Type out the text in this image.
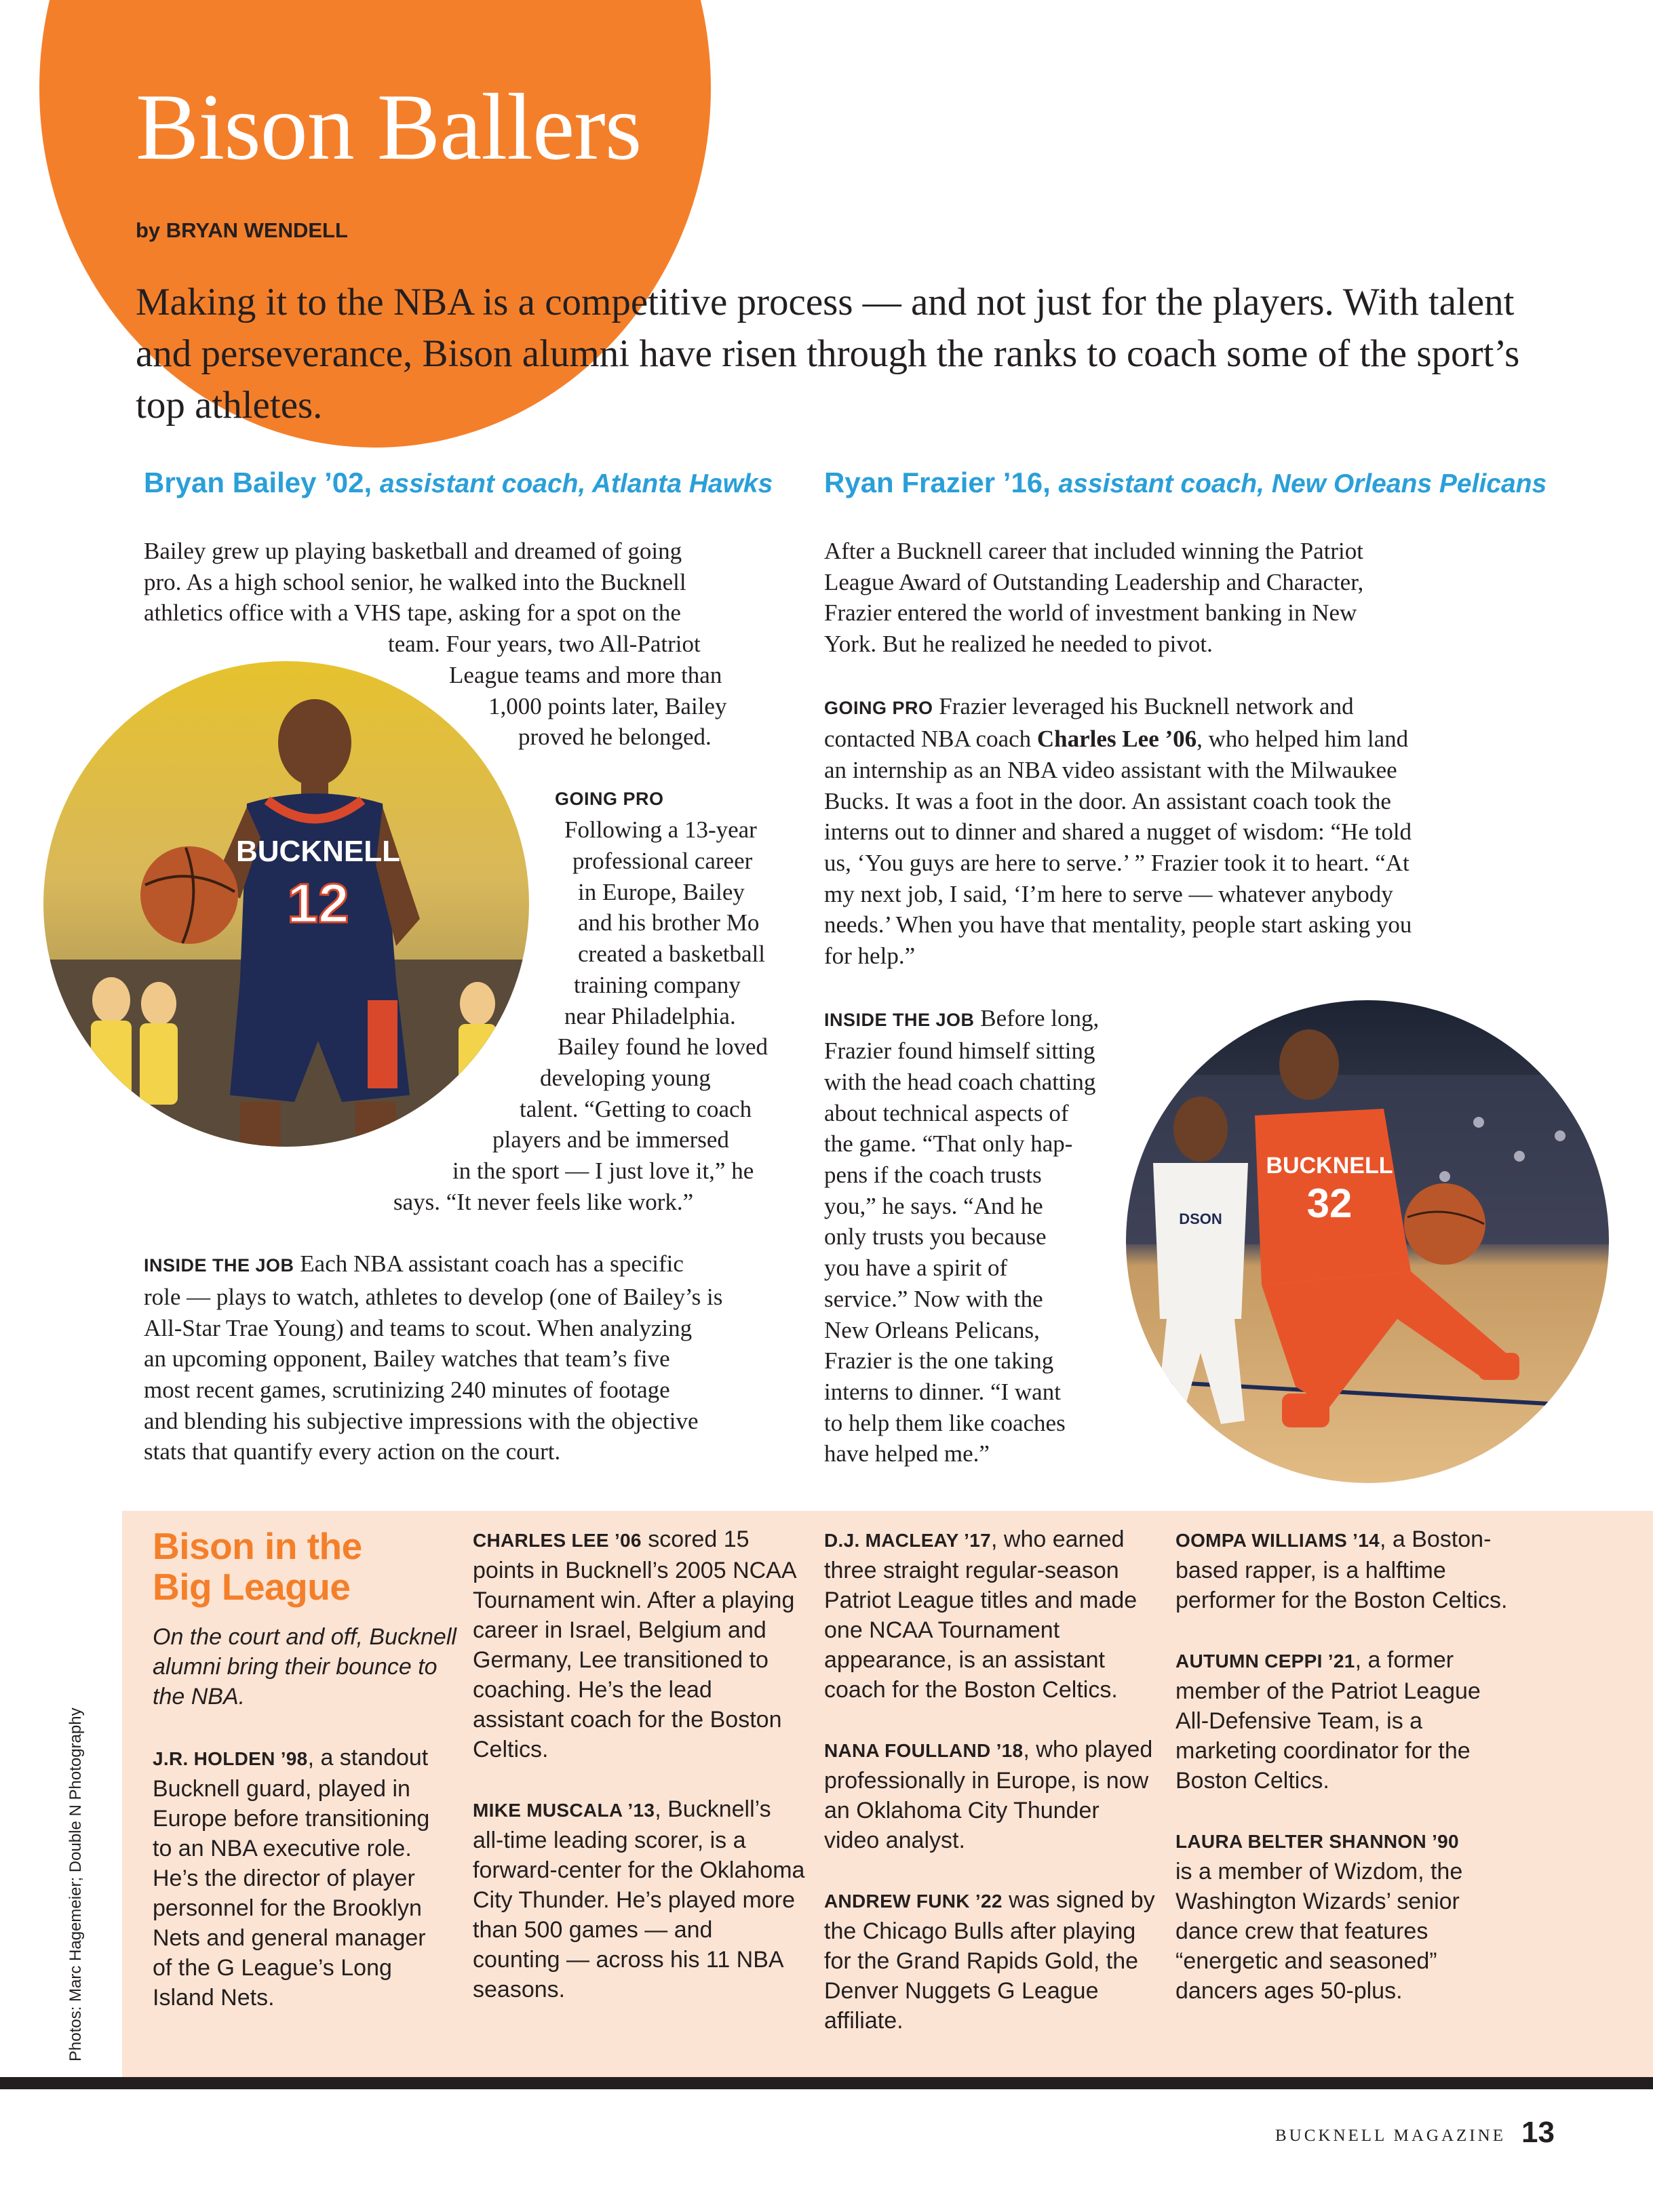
Bison Ballers
by BRYAN WENDELL
Making it to the NBA is a competitive process — and not just for the players. With talent and perseverance, Bison alumni have risen through the ranks to coach some of the sport’s top athletes.
Bryan Bailey ’02, assistant coach, Atlanta Hawks Ryan Frazier ’16, assistant coach, New Orleans Pelicans

Bailey grew up playing basketball and dreamed of going

pro. As a high school senior, he walked into the Bucknell

athletics office with a VHS tape, asking for a spot on the

team. Four years, two All-Patriot

League teams and more than

1,000 points later, Bailey

proved he belonged.

GOING PRO

Following a 13-year

professional career

in Europe, Bailey

and his brother Mo

created a basketball

training company

near Philadelphia.

Bailey found he loved

developing young

talent. “Getting to coach

players and be immersed

in the sport — I just love it,” he

says. “It never feels like work.”

INSIDE THE JOB Each NBA assistant coach has a specific

role — plays to watch, athletes to develop (one of Bailey’s is

All-Star Trae Young) and teams to scout. When analyzing

an upcoming opponent, Bailey watches that team’s five

most recent games, scrutinizing 240 minutes of footage

and blending his subjective impressions with the objective

stats that quantify every action on the court.

BUCKNELL
12

After a Bucknell career that included winning the Patriot

League Award of Outstanding Leadership and Character,

Frazier entered the world of investment banking in New

York. But he realized he needed to pivot.

GOING PRO Frazier leveraged his Bucknell network and

contacted NBA coach Charles Lee ’06, who helped him land

an internship as an NBA video assistant with the Milwaukee

Bucks. It was a foot in the door. An assistant coach took the

interns out to dinner and shared a nugget of wisdom: “He told

us, ‘You guys are here to serve.’ ” Frazier took it to heart. “At

my next job, I said, ‘I’m here to serve — whatever anybody

needs.’ When you have that mentality, people start asking you

for help.”

INSIDE THE JOB Before long,

Frazier found himself sitting

with the head coach chatting

about technical aspects of

the game. “That only hap-

pens if the coach trusts

you,” he says. “And he

only trusts you because

you have a spirit of

service.” Now with the

New Orleans Pelicans,

Frazier is the one taking

interns to dinner. “I want

to help them like coaches

have helped me.”

DSON
BUCKNELL
32
Bison in the
Big League
On the court and off, Bucknell alumni bring their bounce to the NBA.

J.R. HOLDEN ’98, a standout Bucknell guard, played in Europe before transitioning to an NBA executive role. He’s the director of player personnel for the Brooklyn Nets and general manager of the G League’s Long Island Nets.

CHARLES LEE ’06 scored 15 points in Bucknell’s 2005 NCAA Tournament win. After a playing career in Israel, Belgium and Germany, Lee transitioned to coaching. He’s the lead assistant coach for the Boston Celtics.

MIKE MUSCALA ’13, Bucknell’s all-time leading scorer, is a forward-center for the Oklahoma City Thunder. He’s played more than 500 games — and counting — across his 11 NBA seasons.

D.J. MACLEAY ’17, who earned three straight regular-season Patriot League titles and made one NCAA Tournament appearance, is an assistant coach for the Boston Celtics.

NANA FOULLAND ’18, who played professionally in Europe, is now an Oklahoma City Thunder video analyst.

ANDREW FUNK ’22 was signed by the Chicago Bulls after playing for the Grand Rapids Gold, the Denver Nuggets G League affiliate.

OOMPA WILLIAMS ’14, a Boston-based rapper, is a halftime performer for the Boston Celtics.

AUTUMN CEPPI ’21, a former member of the Patriot League All-Defensive Team, is a marketing coordinator for the Boston Celtics.

LAURA BELTER SHANNON ’90

is a member of Wizdom, the Washington Wizards’ senior dance crew that features “energetic and seasoned” dancers ages 50-plus.

Photos: Marc Hagemeier; Double N Photography
BUCKNELL MAGAZINE 13
